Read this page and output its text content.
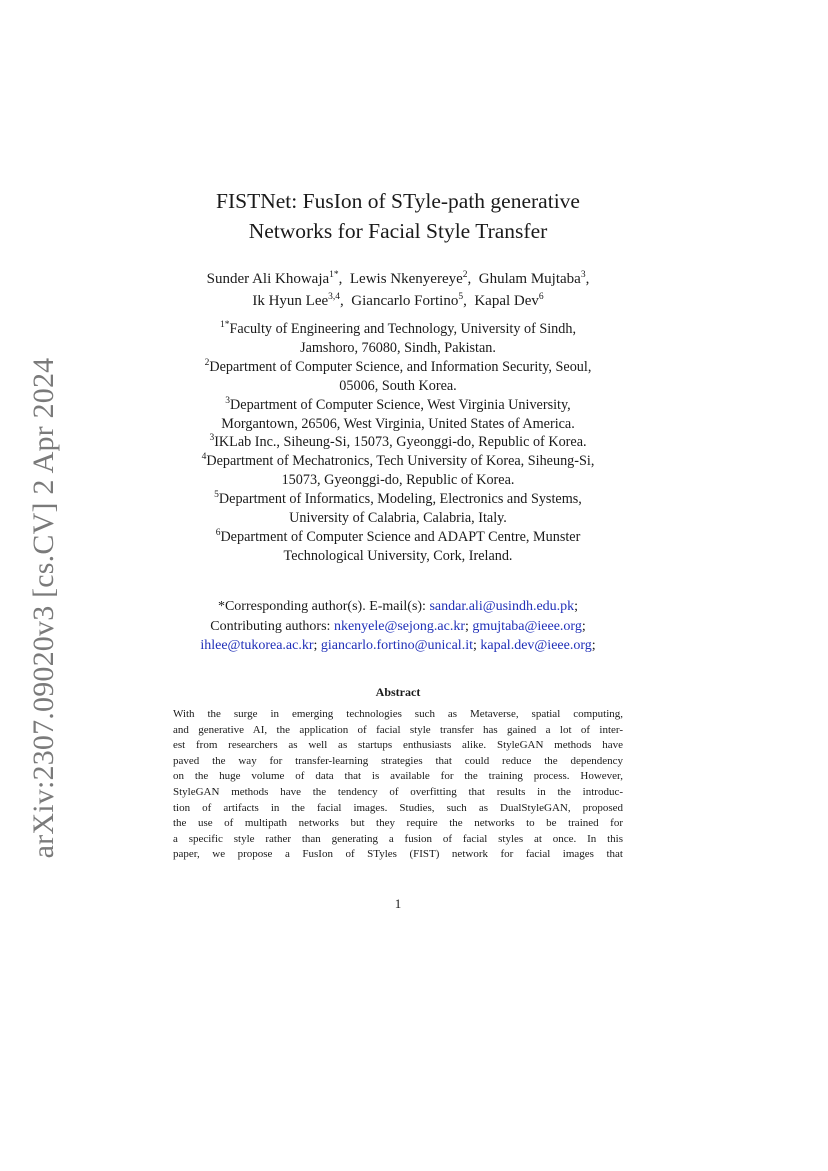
arXiv:2307.09020v3 [cs.CV] 2 Apr 2024
FISTNet: FusIon of STyle-path generative
Networks for Facial Style Transfer
Sunder Ali Khowaja$^{1*}$,  Lewis Nkenyereye$^2$,  Ghulam Mujtaba$^3$,
Ik Hyun Lee$^{3,4}$,  Giancarlo Fortino$^5$,  Kapal Dev$^6$
$^{1*}$Faculty of Engineering and Technology, University of Sindh,
Jamshoro, 76080, Sindh, Pakistan.
$^2$Department of Computer Science, and Information Security, Seoul,
05006, South Korea.
$^3$Department of Computer Science, West Virginia University,
Morgantown, 26506, West Virginia, United States of America.
$^3$IKLab Inc., Siheung-Si, 15073, Gyeonggi-do, Republic of Korea.
$^4$Department of Mechatronics, Tech University of Korea, Siheung-Si,
15073, Gyeonggi-do, Republic of Korea.
$^5$Department of Informatics, Modeling, Electronics and Systems,
University of Calabria, Calabria, Italy.
$^6$Department of Computer Science and ADAPT Centre, Munster
Technological University, Cork, Ireland.
*Corresponding author(s). E-mail(s): sandar.ali@usindh.edu.pk;
Contributing authors: nkenyele@sejong.ac.kr; gmujtaba@ieee.org;
ihlee@tukorea.ac.kr; giancarlo.fortino@unical.it; kapal.dev@ieee.org;
Abstract
With the surge in emerging technologies such as Metaverse, spatial computing,
and generative AI, the application of facial style transfer has gained a lot of inter-
est from researchers as well as startups enthusiasts alike. StyleGAN methods have
paved the way for transfer-learning strategies that could reduce the dependency
on the huge volume of data that is available for the training process. However,
StyleGAN methods have the tendency of overfitting that results in the introduc-
tion of artifacts in the facial images. Studies, such as DualStyleGAN, proposed
the use of multipath networks but they require the networks to be trained for
a specific style rather than generating a fusion of facial styles at once. In this
paper, we propose a FusIon of STyles (FIST) network for facial images that
1
